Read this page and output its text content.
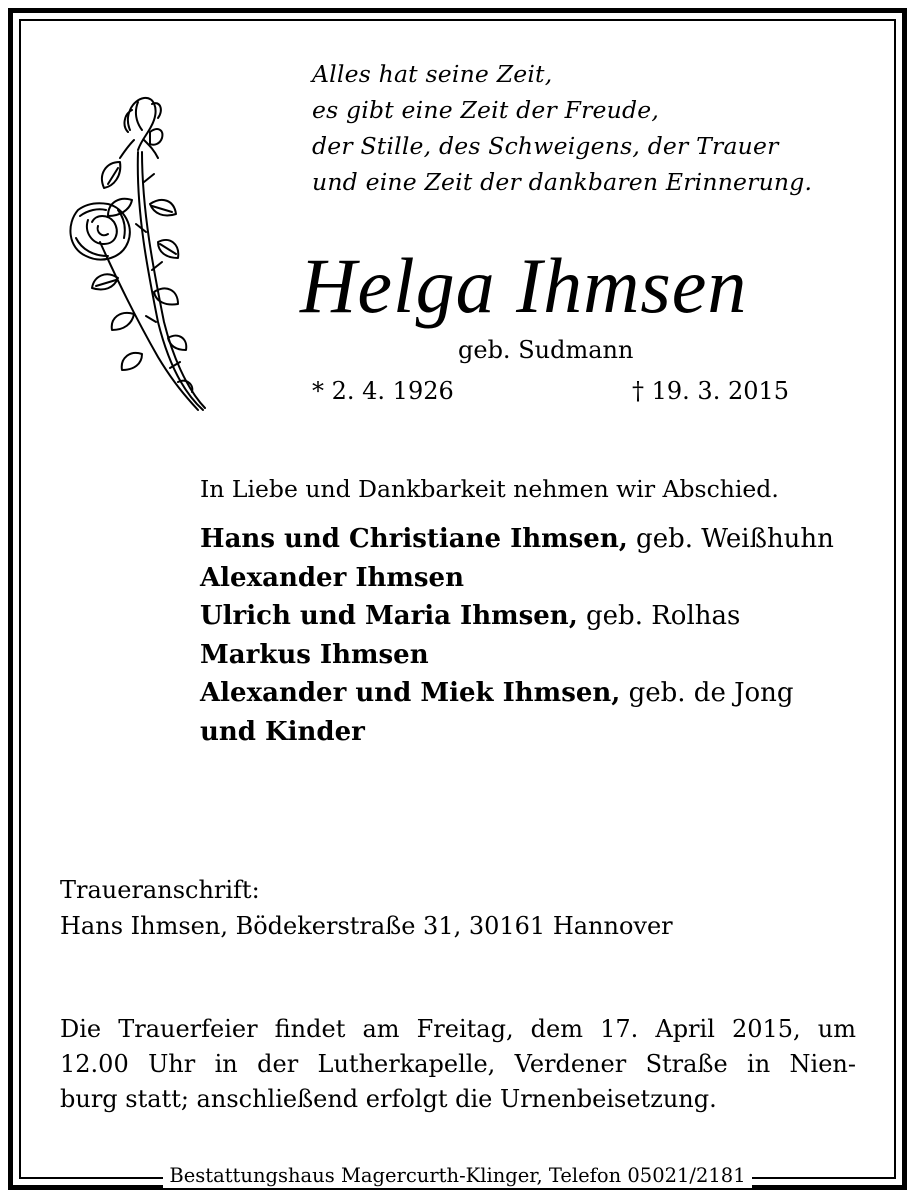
Alles hat seine Zeit,
es gibt eine Zeit der Freude,
der Stille, des Schweigens, der Trauer
und eine Zeit der dankbaren Erinnerung.
Helga Ihmsen
geb. Sudmann
* 2. 4. 1926	† 19. 3. 2015
In Liebe und Dankbarkeit nehmen wir Abschied.
Hans und Christiane Ihmsen, geb. Weißhuhn
Alexander Ihmsen
Ulrich und Maria Ihmsen, geb. Rolhas
Markus Ihmsen
Alexander und Miek Ihmsen, geb. de Jong
und Kinder
Traueranschrift:
Hans Ihmsen, Bödekerstraße 31, 30161 Hannover
Die Trauerfeier findet am Freitag, dem 17. April 2015, um
12.00 Uhr in der Lutherkapelle, Verdener Straße in Nien-
burg statt; anschließend erfolgt die Urnenbeisetzung.
Bestattungshaus Magercurth-Klinger, Telefon 05021/2181
